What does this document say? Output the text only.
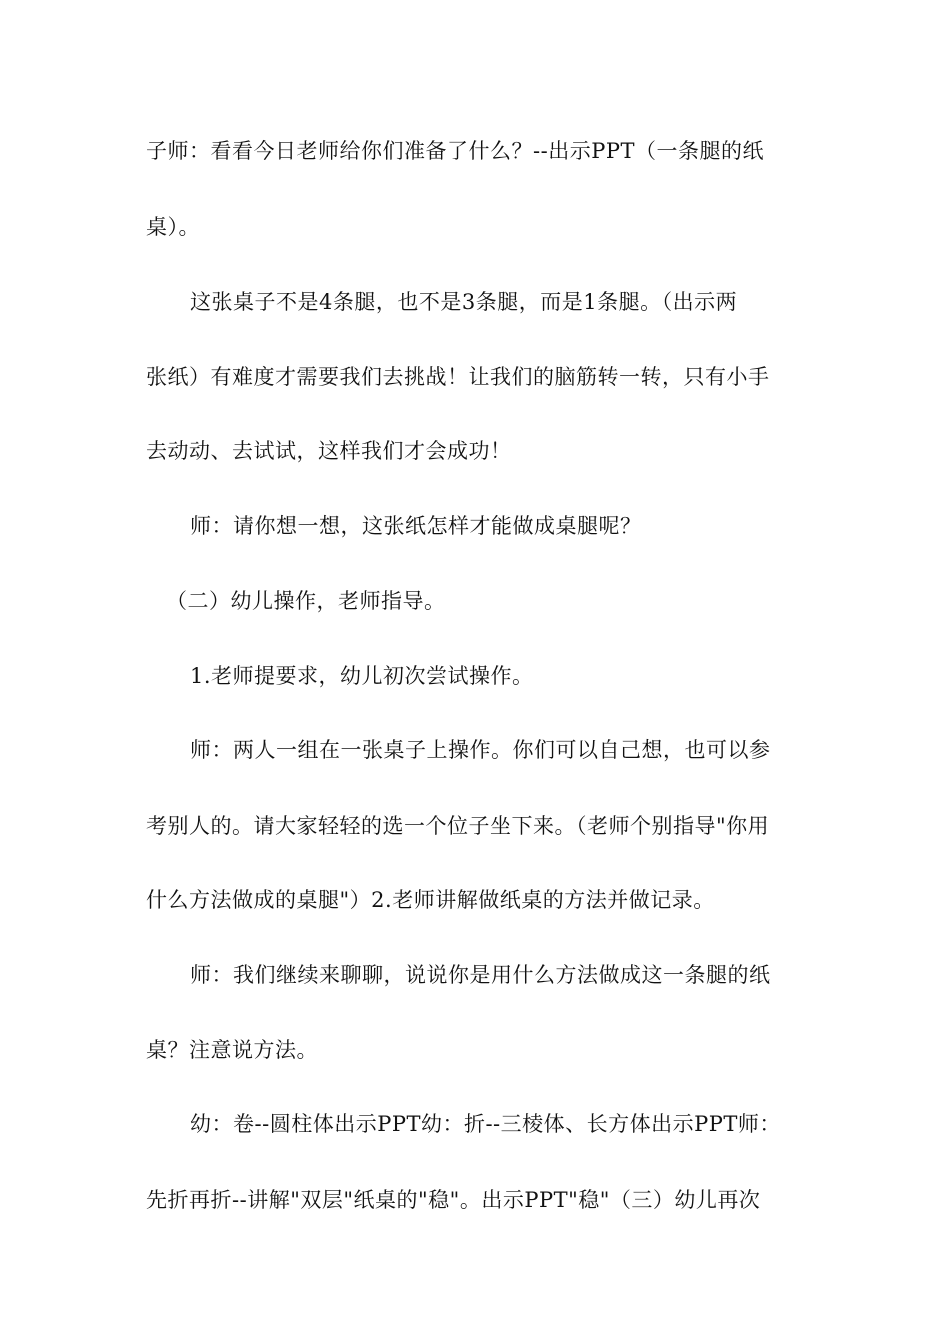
子师：看看今日老师给你们准备了什么？--出示PPT（一条腿的纸
桌）。
这张桌子不是4条腿，也不是3条腿，而是1条腿。（出示两
张纸）有难度才需要我们去挑战！让我们的脑筋转一转，只有小手
去动动、去试试，这样我们才会成功！
师：请你想一想，这张纸怎样才能做成桌腿呢？
（二）幼儿操作，老师指导。
1.老师提要求，幼儿初次尝试操作。
师：两人一组在一张桌子上操作。你们可以自己想，也可以参
考别人的。请大家轻轻的选一个位子坐下来。（老师个别指导"你用
什么方法做成的桌腿"）2.老师讲解做纸桌的方法并做记录。
师：我们继续来聊聊，说说你是用什么方法做成这一条腿的纸
桌？注意说方法。
幼：卷--圆柱体出示PPT幼：折--三棱体、长方体出示PPT师：
先折再折--讲解"双层"纸桌的"稳"。出示PPT"稳"（三）幼儿再次
